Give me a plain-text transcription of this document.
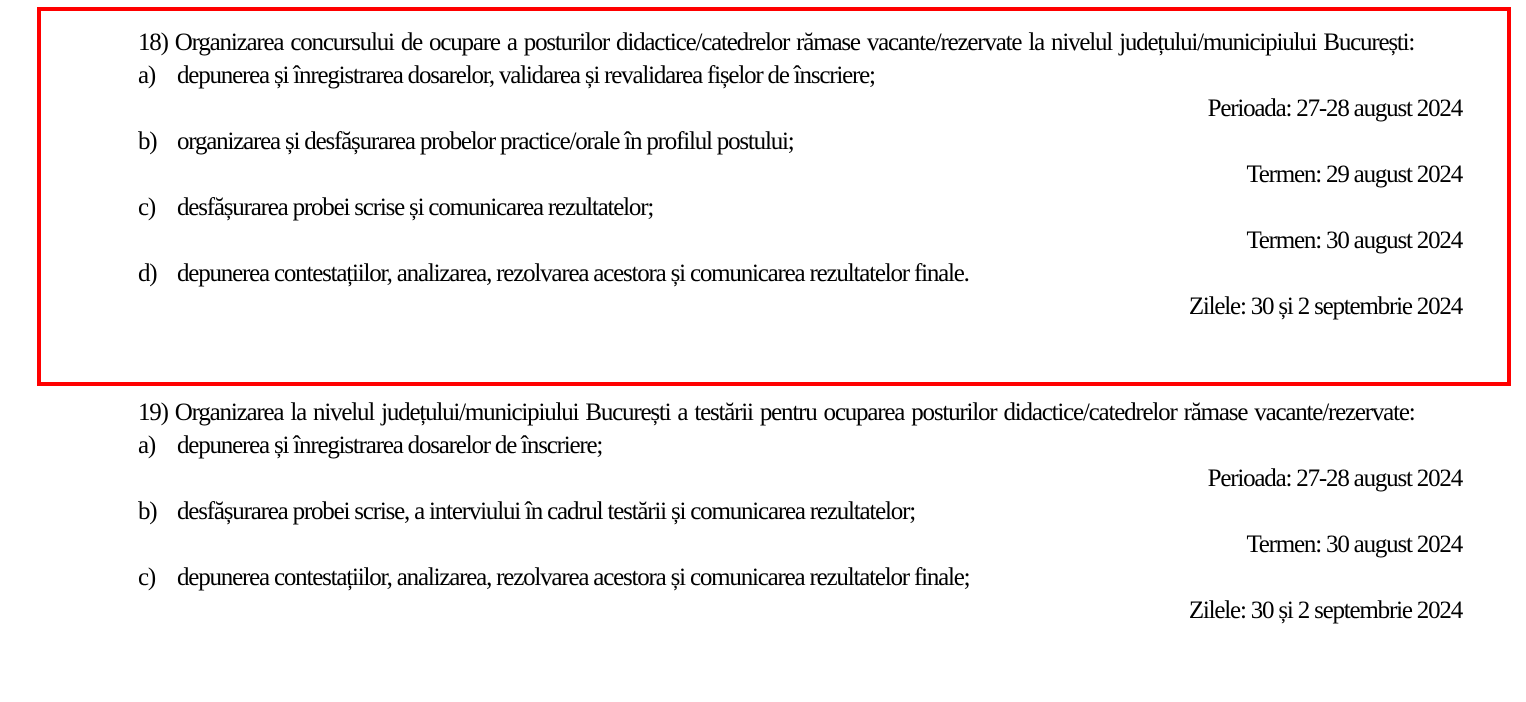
18) Organizarea concursului de ocupare a posturilor didactice/catedrelor rămase vacante/rezervate la nivelul județului/municipiului București:

a) depunerea și înregistrarea dosarelor, validarea și revalidarea fișelor de înscriere;

Perioada: 27-28 august 2024

b) organizarea și desfășurarea probelor practice/orale în profilul postului;

Termen: 29 august 2024

c) desfășurarea probei scrise și comunicarea rezultatelor;

Termen: 30 august 2024

d) depunerea contestațiilor, analizarea, rezolvarea acestora și comunicarea rezultatelor finale.

Zilele: 30 și 2 septembrie 2024

19) Organizarea la nivelul județului/municipiului București a testării pentru ocuparea posturilor didactice/catedrelor rămase vacante/rezervate:

a) depunerea și înregistrarea dosarelor de înscriere;

Perioada: 27-28 august 2024

b) desfășurarea probei scrise, a interviului în cadrul testării și comunicarea rezultatelor;

Termen: 30 august 2024

c) depunerea contestațiilor, analizarea, rezolvarea acestora și comunicarea rezultatelor finale;

Zilele: 30 și 2 septembrie 2024
